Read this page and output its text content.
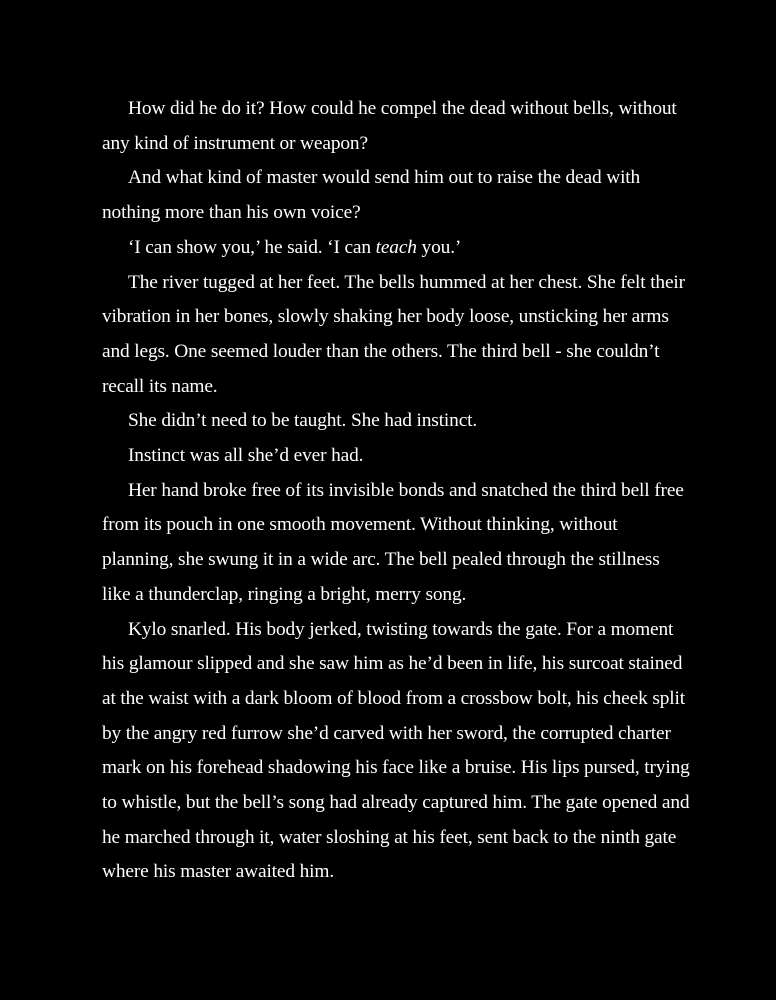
How did he do it? How could he compel the dead without bells, without any kind of instrument or weapon?

And what kind of master would send him out to raise the dead with nothing more than his own voice?

‘I can show you,’ he said. ‘I can teach you.’

The river tugged at her feet. The bells hummed at her chest. She felt their vibration in her bones, slowly shaking her body loose, unsticking her arms and legs. One seemed louder than the others. The third bell - she couldn’t recall its name.

She didn’t need to be taught. She had instinct.

Instinct was all she’d ever had.

Her hand broke free of its invisible bonds and snatched the third bell free from its pouch in one smooth movement. Without thinking, without planning, she swung it in a wide arc. The bell pealed through the stillness like a thunderclap, ringing a bright, merry song.

Kylo snarled. His body jerked, twisting towards the gate. For a moment his glamour slipped and she saw him as he’d been in life, his surcoat stained at the waist with a dark bloom of blood from a crossbow bolt, his cheek split by the angry red furrow she’d carved with her sword, the corrupted charter mark on his forehead shadowing his face like a bruise. His lips pursed, trying to whistle, but the bell’s song had already captured him. The gate opened and he marched through it, water sloshing at his feet, sent back to the ninth gate where his master awaited him.
